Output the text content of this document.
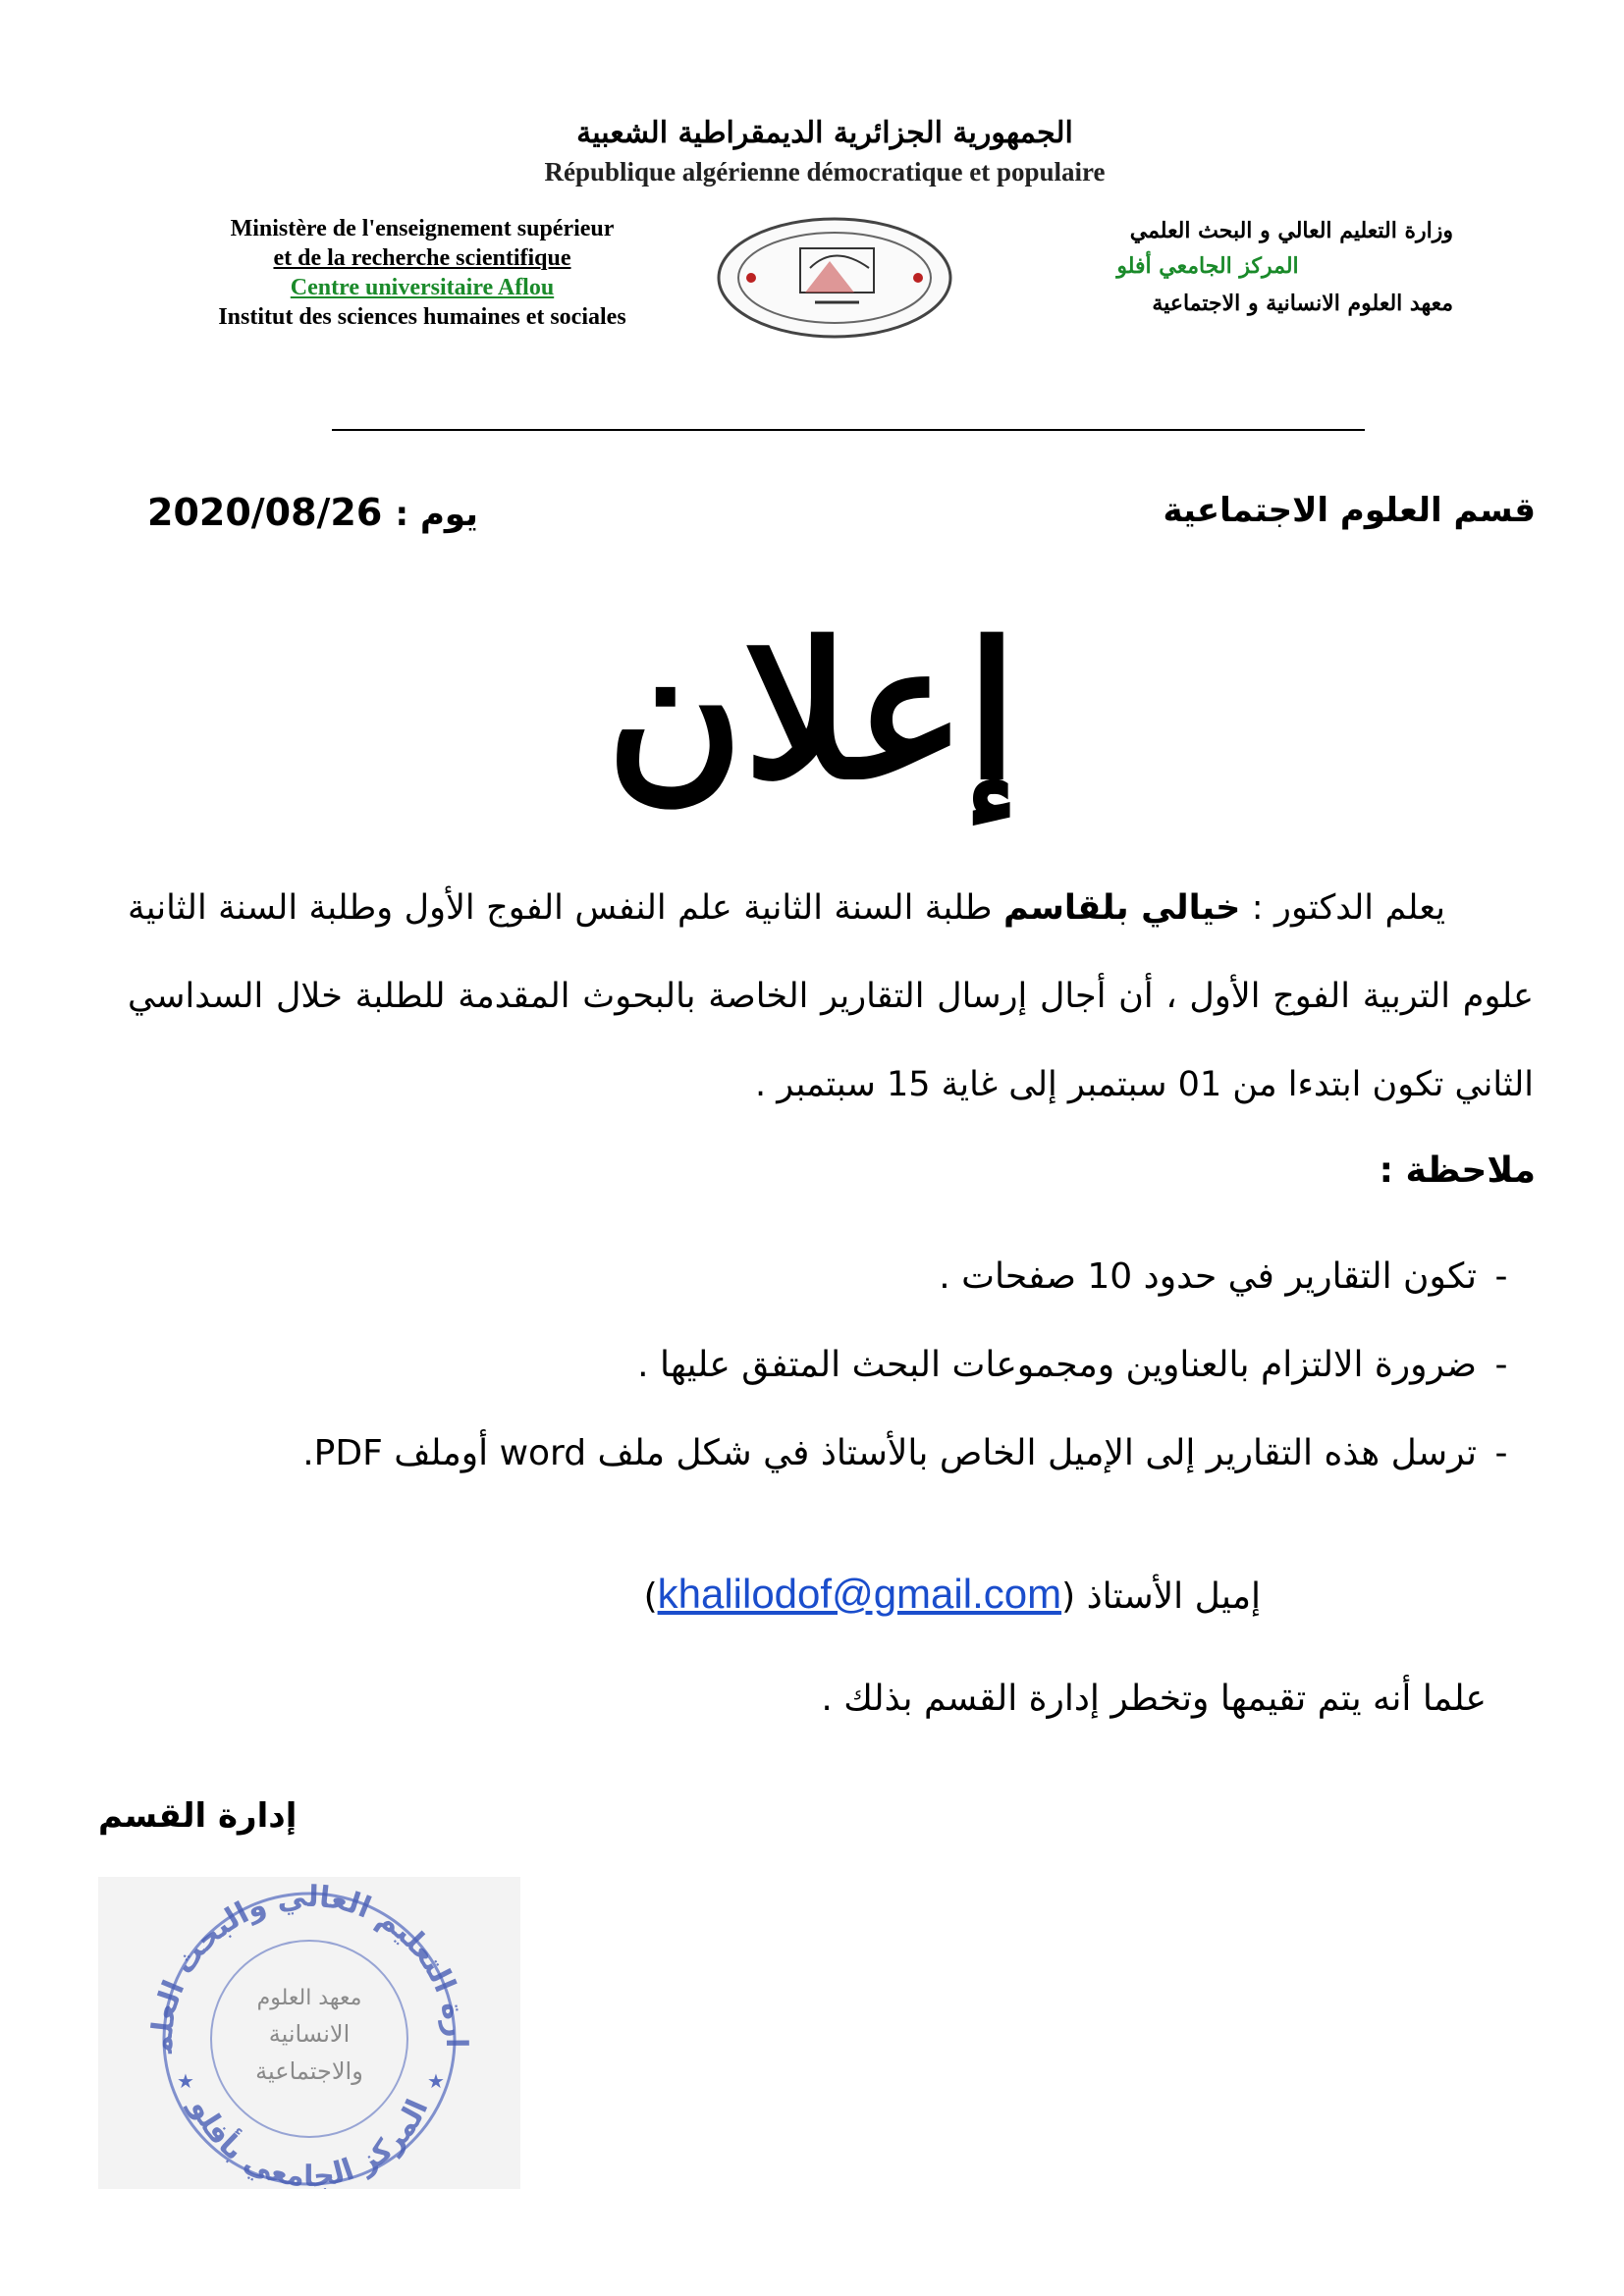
الجمهورية الجزائرية الديمقراطية الشعبية
République algérienne démocratique et populaire
Ministère de l'enseignement supérieur
et de la recherche scientifique
Centre universitaire Aflou
Institut des sciences humaines et sociales
وزارة التعليم العالي و البحث العلمي
المركز الجامعي أفلو
معهد العلوم الانسانية و الاجتماعية
قسم العلوم الاجتماعية
2020/08/26 يوم :
إعلان
يعلم الدكتور : خيالي بلقاسم طلبة السنة الثانية علم النفس الفوج الأول وطلبة السنة الثانية علوم التربية الفوج الأول ، أن أجال إرسال التقارير الخاصة بالبحوث المقدمة للطلبة خلال السداسي الثاني تكون ابتدءا من 01 سبتمبر إلى غاية 15 سبتمبر .
ملاحظة :
-تكون التقارير في حدود 10 صفحات .
-ضرورة الالتزام بالعناوين ومجموعات البحث المتفق عليها .
-ترسل هذه التقارير إلى الإميل الخاص بالأستاذ في شكل ملف word أوملف PDF.
إميل الأستاذ (khalilodof@gmail.com)
علما أنه يتم تقيمها وتخطر إدارة القسم بذلك .
إدارة القسم
ارة التعليم العالي والبحث العلم
المركز الجامعي بأفلو
★	★
معهد العلوم
الانسانية
والاجتماعية
